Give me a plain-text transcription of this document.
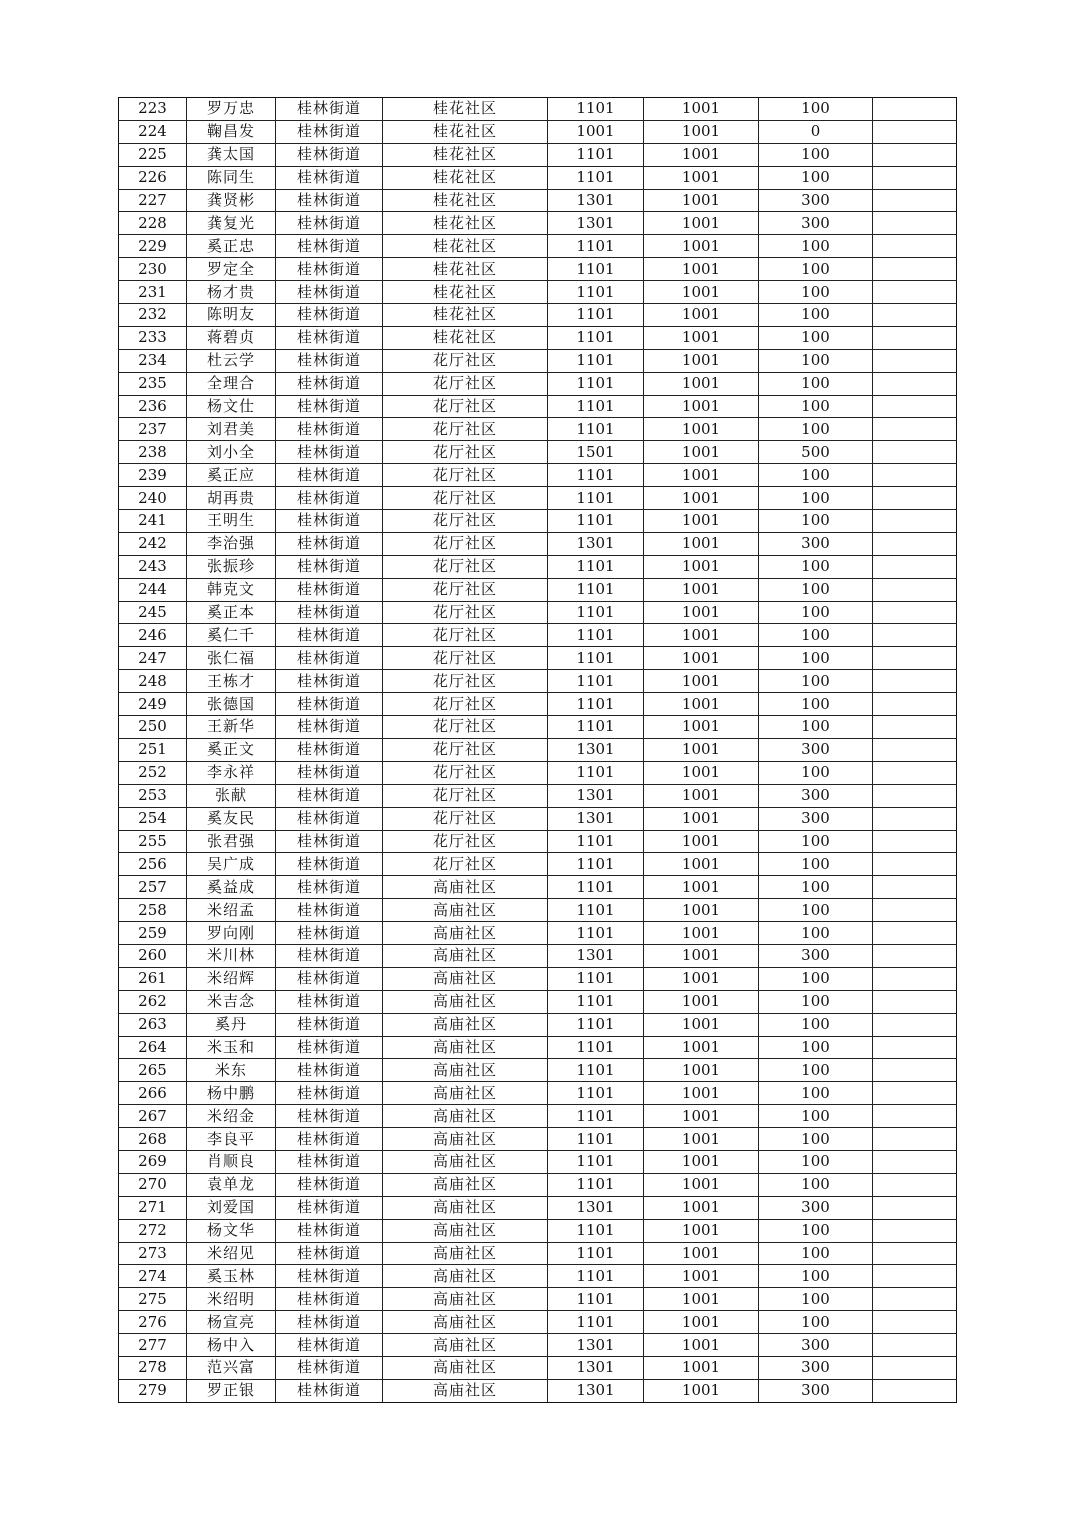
223	罗万忠	桂林街道	桂花社区	1101	1001	100	
224	鞠昌发	桂林街道	桂花社区	1001	1001	0	
225	龚太国	桂林街道	桂花社区	1101	1001	100	
226	陈同生	桂林街道	桂花社区	1101	1001	100	
227	龚贤彬	桂林街道	桂花社区	1301	1001	300	
228	龚复光	桂林街道	桂花社区	1301	1001	300	
229	奚正忠	桂林街道	桂花社区	1101	1001	100	
230	罗定全	桂林街道	桂花社区	1101	1001	100	
231	杨才贵	桂林街道	桂花社区	1101	1001	100	
232	陈明友	桂林街道	桂花社区	1101	1001	100	
233	蒋碧贞	桂林街道	桂花社区	1101	1001	100	
234	杜云学	桂林街道	花厅社区	1101	1001	100	
235	全理合	桂林街道	花厅社区	1101	1001	100	
236	杨文仕	桂林街道	花厅社区	1101	1001	100	
237	刘君美	桂林街道	花厅社区	1101	1001	100	
238	刘小全	桂林街道	花厅社区	1501	1001	500	
239	奚正应	桂林街道	花厅社区	1101	1001	100	
240	胡再贵	桂林街道	花厅社区	1101	1001	100	
241	王明生	桂林街道	花厅社区	1101	1001	100	
242	李治强	桂林街道	花厅社区	1301	1001	300	
243	张振珍	桂林街道	花厅社区	1101	1001	100	
244	韩克文	桂林街道	花厅社区	1101	1001	100	
245	奚正本	桂林街道	花厅社区	1101	1001	100	
246	奚仁千	桂林街道	花厅社区	1101	1001	100	
247	张仁福	桂林街道	花厅社区	1101	1001	100	
248	王栋才	桂林街道	花厅社区	1101	1001	100	
249	张德国	桂林街道	花厅社区	1101	1001	100	
250	王新华	桂林街道	花厅社区	1101	1001	100	
251	奚正文	桂林街道	花厅社区	1301	1001	300	
252	李永祥	桂林街道	花厅社区	1101	1001	100	
253	张献	桂林街道	花厅社区	1301	1001	300	
254	奚友民	桂林街道	花厅社区	1301	1001	300	
255	张君强	桂林街道	花厅社区	1101	1001	100	
256	吴广成	桂林街道	花厅社区	1101	1001	100	
257	奚益成	桂林街道	高庙社区	1101	1001	100	
258	米绍孟	桂林街道	高庙社区	1101	1001	100	
259	罗向刚	桂林街道	高庙社区	1101	1001	100	
260	米川林	桂林街道	高庙社区	1301	1001	300	
261	米绍辉	桂林街道	高庙社区	1101	1001	100	
262	米吉念	桂林街道	高庙社区	1101	1001	100	
263	奚丹	桂林街道	高庙社区	1101	1001	100	
264	米玉和	桂林街道	高庙社区	1101	1001	100	
265	米东	桂林街道	高庙社区	1101	1001	100	
266	杨中鹏	桂林街道	高庙社区	1101	1001	100	
267	米绍金	桂林街道	高庙社区	1101	1001	100	
268	李良平	桂林街道	高庙社区	1101	1001	100	
269	肖顺良	桂林街道	高庙社区	1101	1001	100	
270	袁单龙	桂林街道	高庙社区	1101	1001	100	
271	刘爱国	桂林街道	高庙社区	1301	1001	300	
272	杨文华	桂林街道	高庙社区	1101	1001	100	
273	米绍见	桂林街道	高庙社区	1101	1001	100	
274	奚玉林	桂林街道	高庙社区	1101	1001	100	
275	米绍明	桂林街道	高庙社区	1101	1001	100	
276	杨宣亮	桂林街道	高庙社区	1101	1001	100	
277	杨中入	桂林街道	高庙社区	1301	1001	300	
278	范兴富	桂林街道	高庙社区	1301	1001	300	
279	罗正银	桂林街道	高庙社区	1301	1001	300	
